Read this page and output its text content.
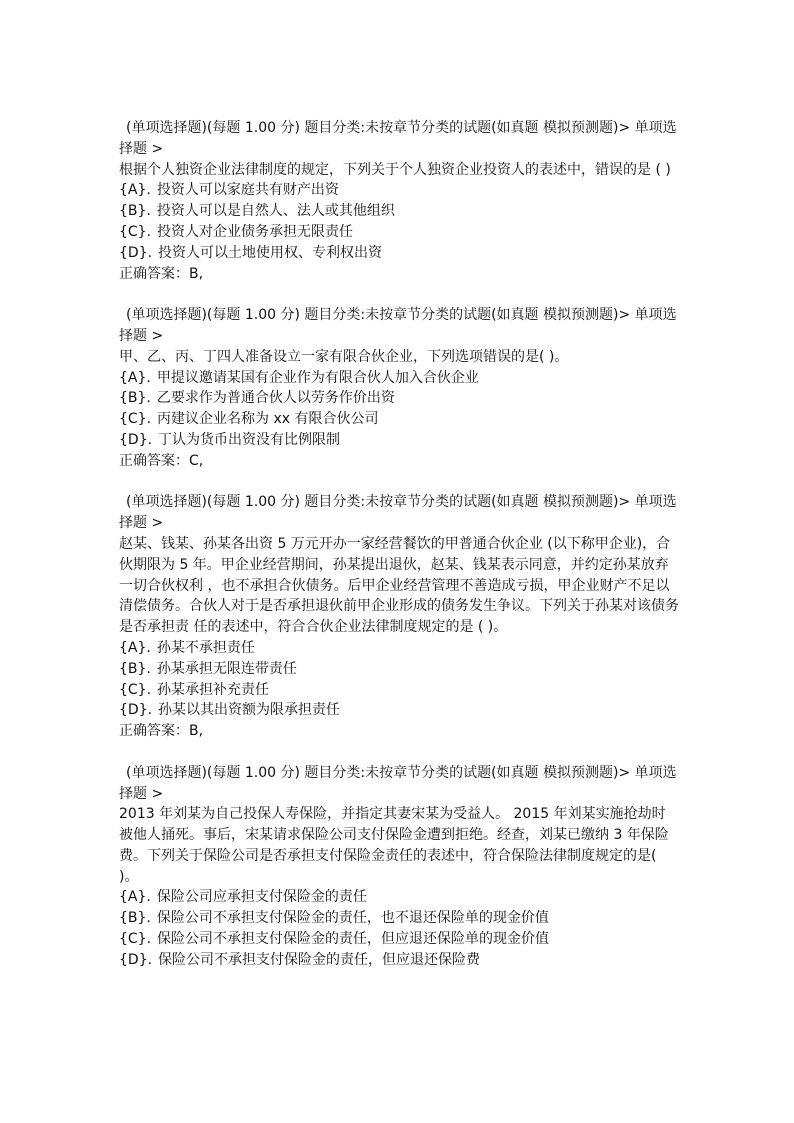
(单项选择题)(每题 1.00 分) 题目分类:未按章节分类的试题(如真题 模拟预测题)> 单项选择题 >
根据个人独资企业法律制度的规定，下列关于个人独资企业投资人的表述中，错误的是 ( )
{A}. 投资人可以家庭共有财产出资
{B}. 投资人可以是自然人、法人或其他组织
{C}. 投资人对企业债务承担无限责任
{D}. 投资人可以土地使用权、专利权出资
正确答案：B,
(单项选择题)(每题 1.00 分) 题目分类:未按章节分类的试题(如真题 模拟预测题)> 单项选择题 >
甲、乙、丙、丁四人准备设立一家有限合伙企业，下列选项错误的是( )。
{A}. 甲提议邀请某国有企业作为有限合伙人加入合伙企业
{B}. 乙要求作为普通合伙人以劳务作价出资
{C}. 丙建议企业名称为 xx 有限合伙公司
{D}. 丁认为货币出资没有比例限制
正确答案：C,
(单项选择题)(每题 1.00 分) 题目分类:未按章节分类的试题(如真题 模拟预测题)> 单项选择题 >
赵某、钱某、孙某各出资 5 万元开办一家经营餐饮的甲普通合伙企业 (以下称甲企业)，合伙期限为 5 年。甲企业经营期间，孙某提出退伙，赵某、钱某表示同意，并约定孙某放弃一切合伙权利 ，也不承担合伙债务。后甲企业经营管理不善造成亏损，甲企业财产不足以清偿债务。合伙人对于是否承担退伙前甲企业形成的债务发生争议。下列关于孙某对该债务是否承担责 任的表述中，符合合伙企业法律制度规定的是 ( )。
{A}. 孙某不承担责任
{B}. 孙某承担无限连带责任
{C}. 孙某承担补充责任
{D}. 孙某以其出资额为限承担责任
正确答案：B,
(单项选择题)(每题 1.00 分) 题目分类:未按章节分类的试题(如真题 模拟预测题)> 单项选择题 >
2013 年刘某为自己投保人寿保险，并指定其妻宋某为受益人。 2015 年刘某实施抢劫时被他人捅死。事后，宋某请求保险公司支付保险金遭到拒绝。经查，刘某已缴纳 3 年保险费。下列关于保险公司是否承担支付保险金责任的表述中，符合保险法律制度规定的是( )。
{A}. 保险公司应承担支付保险金的责任
{B}. 保险公司不承担支付保险金的责任，也不退还保险单的现金价值
{C}. 保险公司不承担支付保险金的责任，但应退还保险单的现金价值
{D}. 保险公司不承担支付保险金的责任，但应退还保险费
